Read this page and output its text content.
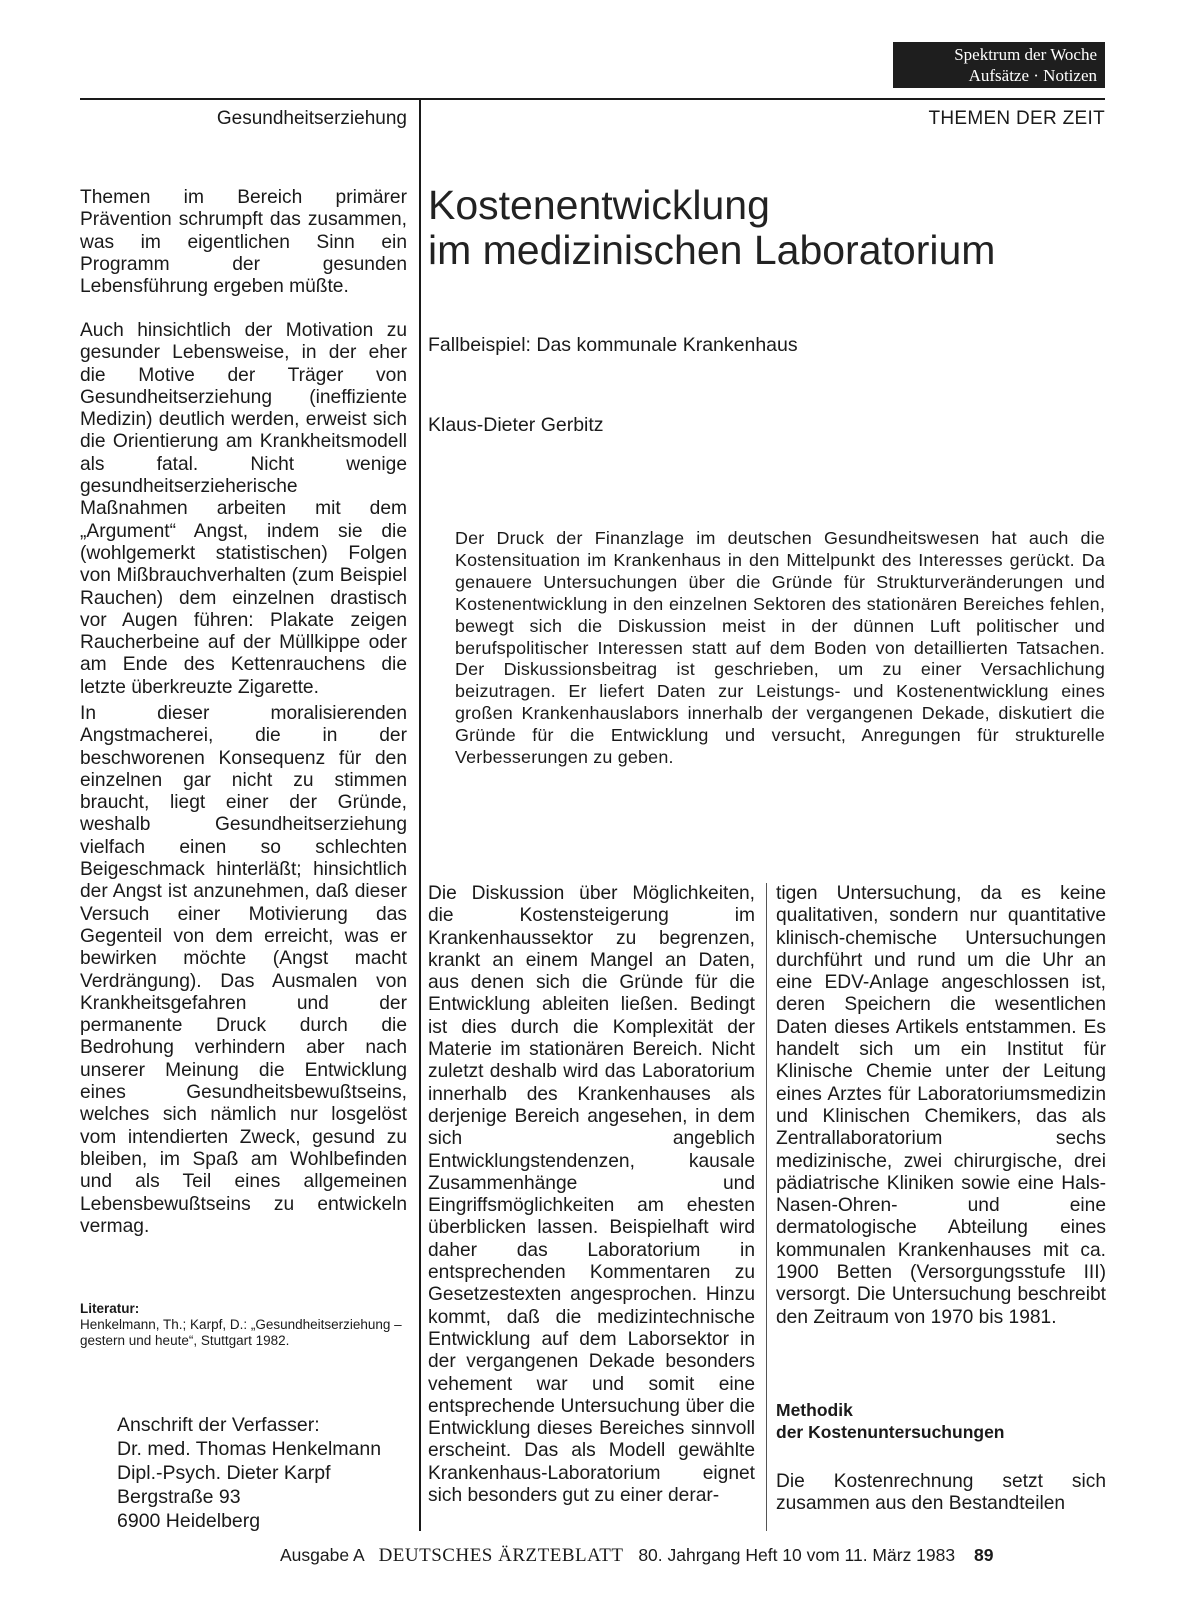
Spektrum der Woche
Aufsätze · Notizen
Gesundheitserziehung	THEMEN DER ZEIT

Themen im Bereich primärer Prävention schrumpft das zusammen, was im eigentlichen Sinn ein Programm der gesunden Lebensführung ergeben müßte.

Auch hinsichtlich der Motivation zu gesunder Lebensweise, in der eher die Motive der Träger von Gesundheitserziehung (ineffiziente Medizin) deutlich werden, erweist sich die Orientierung am Krankheitsmodell als fatal. Nicht wenige gesundheitserzieherische Maßnahmen arbeiten mit dem „Argument“ Angst, indem sie die (wohlgemerkt statistischen) Folgen von Mißbrauchverhalten (zum Beispiel Rauchen) dem einzelnen drastisch vor Augen führen: Plakate zeigen Raucherbeine auf der Müllkippe oder am Ende des Kettenrauchens die letzte überkreuzte Zigarette.

In dieser moralisierenden Angstmacherei, die in der beschworenen Konsequenz für den einzelnen gar nicht zu stimmen braucht, liegt einer der Gründe, weshalb Gesundheitserziehung vielfach einen so schlechten Beigeschmack hinterläßt; hinsichtlich der Angst ist anzunehmen, daß dieser Versuch einer Motivierung das Gegenteil von dem erreicht, was er bewirken möchte (Angst macht Verdrängung). Das Ausmalen von Krankheitsgefahren und der permanente Druck durch die Bedrohung verhindern aber nach unserer Meinung die Entwicklung eines Gesundheitsbewußtseins, welches sich nämlich nur losgelöst vom intendierten Zweck, gesund zu bleiben, im Spaß am Wohlbefinden und als Teil eines allgemeinen Lebensbewußtseins zu entwickeln vermag.

Literatur:
Henkelmann, Th.; Karpf, D.: „Gesundheitserziehung – gestern und heute“, Stuttgart 1982.
Anschrift der Verfasser:
Dr. med. Thomas Henkelmann
Dipl.-Psych. Dieter Karpf
Bergstraße 93
6900 Heidelberg
Kostenentwicklung
im medizinischen Laboratorium
Fallbeispiel: Das kommunale Krankenhaus
Klaus-Dieter Gerbitz
Der Druck der Finanzlage im deutschen Gesundheitswesen hat auch die Kostensituation im Krankenhaus in den Mittelpunkt des Interesses gerückt. Da genauere Untersuchungen über die Gründe für Strukturveränderungen und Kostenentwicklung in den einzelnen Sektoren des stationären Bereiches fehlen, bewegt sich die Diskussion meist in der dünnen Luft politischer und berufspolitischer Interessen statt auf dem Boden von detaillierten Tatsachen. Der Diskussionsbeitrag ist geschrieben, um zu einer Versachlichung beizutragen. Er liefert Daten zur Leistungs- und Kostenentwicklung eines großen Krankenhauslabors innerhalb der vergangenen Dekade, diskutiert die Gründe für die Entwicklung und versucht, Anregungen für strukturelle Verbesserungen zu geben.
Die Diskussion über Möglichkeiten, die Kostensteigerung im Krankenhaussektor zu begrenzen, krankt an einem Mangel an Daten, aus denen sich die Gründe für die Entwicklung ableiten ließen. Bedingt ist dies durch die Komplexität der Materie im stationären Bereich. Nicht zuletzt deshalb wird das Laboratorium innerhalb des Krankenhauses als derjenige Bereich angesehen, in dem sich angeblich Entwicklungstendenzen, kausale Zusammenhänge und Eingriffsmöglichkeiten am ehesten überblicken lassen. Beispielhaft wird daher das Laboratorium in entsprechenden Kommentaren zu Gesetzestexten angesprochen. Hinzu kommt, daß die medizintechnische Entwicklung auf dem Laborsektor in der vergangenen Dekade besonders vehement war und somit eine entsprechende Untersuchung über die Entwicklung dieses Bereiches sinnvoll erscheint. Das als Modell gewählte Krankenhaus-Laboratorium eignet sich besonders gut zu einer derar-
tigen Untersuchung, da es keine qualitativen, sondern nur quantitative klinisch-chemische Untersuchungen durchführt und rund um die Uhr an eine EDV-Anlage angeschlossen ist, deren Speichern die wesentlichen Daten dieses Artikels entstammen. Es handelt sich um ein Institut für Klinische Chemie unter der Leitung eines Arztes für Laboratoriumsmedizin und Klinischen Chemikers, das als Zentrallaboratorium sechs medizinische, zwei chirurgische, drei pädiatrische Kliniken sowie eine Hals-Nasen-Ohren- und eine dermatologische Abteilung eines kommunalen Krankenhauses mit ca. 1900 Betten (Versorgungsstufe III) versorgt. Die Untersuchung beschreibt den Zeitraum von 1970 bis 1981.
Methodik
der Kostenuntersuchungen
Die Kostenrechnung setzt sich zusammen aus den Bestandteilen
Ausgabe A DEUTSCHES ÄRZTEBLATT 80. Jahrgang Heft 10 vom 11. März 1983 89
